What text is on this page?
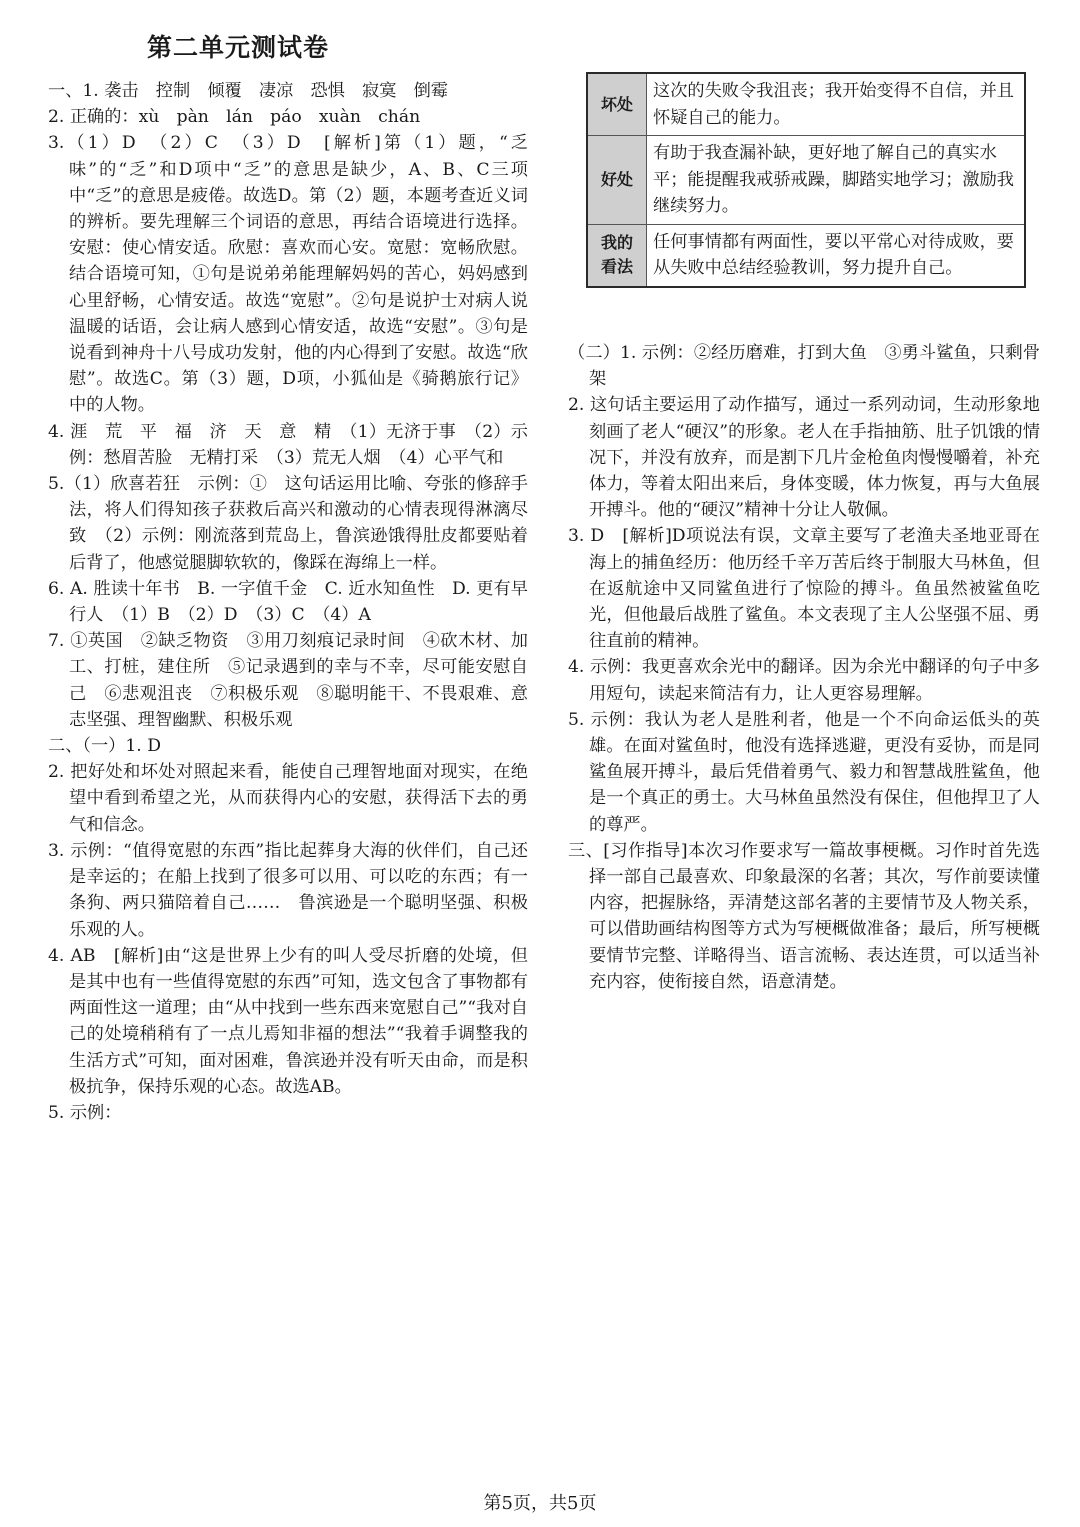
第二单元测试卷

一、1. 袭击　控制　倾覆　凄凉　恐惧　寂寞　倒霉

2. 正确的：xù　pàn　lán　páo　xuàn　chán

3.（1）D　（2）C　（3）D　[解析]第（1）题，“乏味”的“乏”和D项中“乏”的意思是缺少，A、B、C三项中“乏”的意思是疲倦。故选D。第（2）题，本题考查近义词的辨析。要先理解三个词语的意思，再结合语境进行选择。安慰：使心情安适。欣慰：喜欢而心安。宽慰：宽畅欣慰。结合语境可知，①句是说弟弟能理解妈妈的苦心，妈妈感到心里舒畅，心情安适。故选“宽慰”。②句是说护士对病人说温暖的话语，会让病人感到心情安适，故选“安慰”。③句是说看到神舟十八号成功发射，他的内心得到了安慰。故选“欣慰”。故选C。第（3）题，D项，小狐仙是《骑鹅旅行记》中的人物。

4. 涯　荒　平　福　济　天　意　精　（1）无济于事　（2）示例：愁眉苦脸　无精打采　（3）荒无人烟　（4）心平气和

5.（1）欣喜若狂　示例：①　这句话运用比喻、夸张的修辞手法，将人们得知孩子获救后高兴和激动的心情表现得淋漓尽致　（2）示例：刚流落到荒岛上，鲁滨逊饿得肚皮都要贴着后背了，他感觉腿脚软软的，像踩在海绵上一样。

6. A. 胜读十年书　B. 一字值千金　C. 近水知鱼性　D. 更有早行人　（1）B　（2）D　（3）C　（4）A

7. ①英国　②缺乏物资　③用刀刻痕记录时间　④砍木材、加工、打桩，建住所　⑤记录遇到的幸与不幸，尽可能安慰自己　⑥悲观沮丧　⑦积极乐观　⑧聪明能干、不畏艰难、意志坚强、理智幽默、积极乐观

二、（一）1. D

2. 把好处和坏处对照起来看，能使自己理智地面对现实，在绝望中看到希望之光，从而获得内心的安慰，获得活下去的勇气和信念。

3. 示例：“值得宽慰的东西”指比起葬身大海的伙伴们，自己还是幸运的；在船上找到了很多可以用、可以吃的东西；有一条狗、两只猫陪着自己……　鲁滨逊是一个聪明坚强、积极乐观的人。

4. AB　[解析]由“这是世界上少有的叫人受尽折磨的处境，但是其中也有一些值得宽慰的东西”可知，选文包含了事物都有两面性这一道理；由“从中找到一些东西来宽慰自己”“我对自己的处境稍稍有了一点儿焉知非福的想法”“我着手调整我的生活方式”可知，面对困难，鲁滨逊并没有听天由命，而是积极抗争，保持乐观的心态。故选AB。

5. 示例：

坏处	这次的失败令我沮丧；我开始变得不自信，并且怀疑自己的能力。
好处	有助于我查漏补缺，更好地了解自己的真实水平；能提醒我戒骄戒躁，脚踏实地学习；激励我继续努力。
我的看法	任何事情都有两面性，要以平常心对待成败，要从失败中总结经验教训，努力提升自己。

（二）1. 示例：②经历磨难，打到大鱼　③勇斗鲨鱼，只剩骨架

2. 这句话主要运用了动作描写，通过一系列动词，生动形象地刻画了老人“硬汉”的形象。老人在手指抽筋、肚子饥饿的情况下，并没有放弃，而是割下几片金枪鱼肉慢慢嚼着，补充体力，等着太阳出来后，身体变暖，体力恢复，再与大鱼展开搏斗。他的“硬汉”精神十分让人敬佩。

3. D　[解析]D项说法有误，文章主要写了老渔夫圣地亚哥在海上的捕鱼经历：他历经千辛万苦后终于制服大马林鱼，但在返航途中又同鲨鱼进行了惊险的搏斗。鱼虽然被鲨鱼吃光，但他最后战胜了鲨鱼。本文表现了主人公坚强不屈、勇往直前的精神。

4. 示例：我更喜欢余光中的翻译。因为余光中翻译的句子中多用短句，读起来简洁有力，让人更容易理解。

5. 示例：我认为老人是胜利者，他是一个不向命运低头的英雄。在面对鲨鱼时，他没有选择逃避，更没有妥协，而是同鲨鱼展开搏斗，最后凭借着勇气、毅力和智慧战胜鲨鱼，他是一个真正的勇士。大马林鱼虽然没有保住，但他捍卫了人的尊严。

三、[习作指导]本次习作要求写一篇故事梗概。习作时首先选择一部自己最喜欢、印象最深的名著；其次，写作前要读懂内容，把握脉络，弄清楚这部名著的主要情节及人物关系，可以借助画结构图等方式为写梗概做准备；最后，所写梗概要情节完整、详略得当、语言流畅、表达连贯，可以适当补充内容，使衔接自然，语意清楚。

第5页，共5页
